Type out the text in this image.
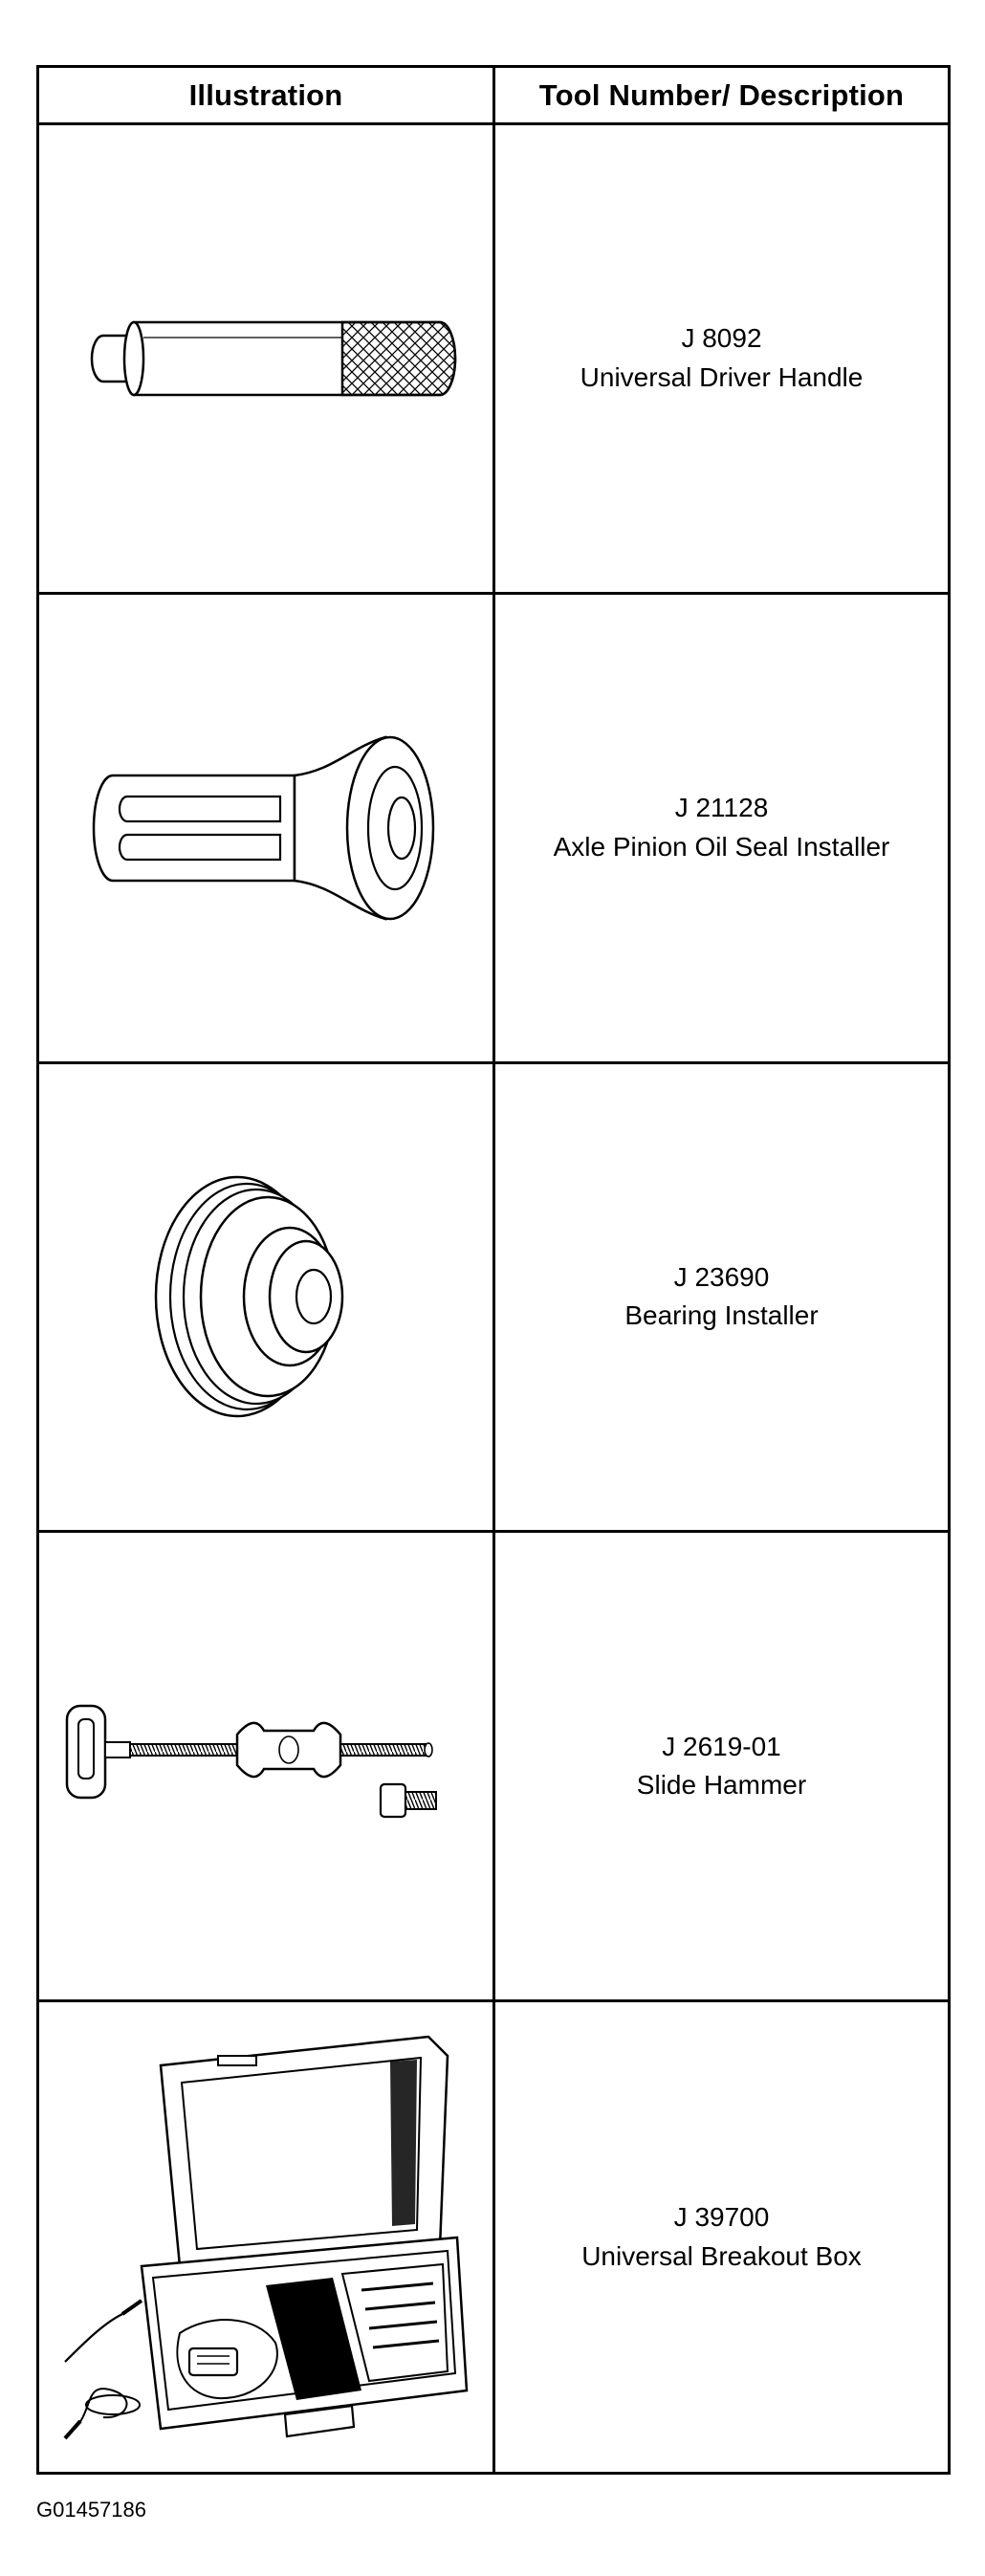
Illustration	Tool Number/ Description
J 8092
Universal Driver Handle
J 21128
Axle Pinion Oil Seal Installer
J 23690
Bearing Installer
J 2619-01
Slide Hammer
J 39700
Universal Breakout Box
G01457186
